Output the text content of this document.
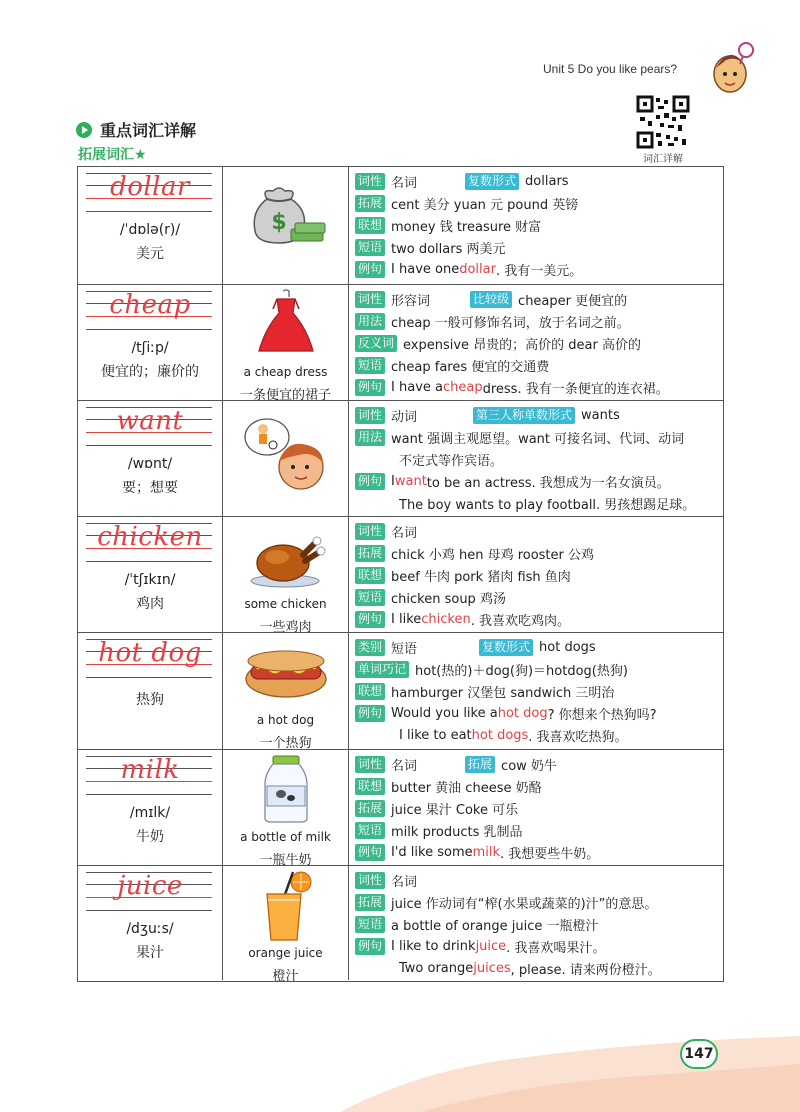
Unit 5 Do you like pears?
词汇详解
重点词汇详解
拓展词汇★
dollar
/ˈdɒlə(r)/
美元
$
词性 名词	复数形式 dollars
拓展 cent 美分 yuan 元 pound 英镑
联想 money 钱 treasure 财富
短语 two dollars 两美元
例句 I have one dollar . 我有一美元。
cheap
/tʃiːp/
便宜的；廉价的	a cheap dress
一条便宜的裙子
词性 形容词	比较级 cheaper 更便宜的
用法 cheap 一般可修饰名词，放于名词之前。
反义词 expensive 昂贵的；高价的 dear 高价的
短语 cheap fares 便宜的交通费
例句 I have a cheap dress. 我有一条便宜的连衣裙。
want
/wɒnt/
要；想要
词性 动词	第三人称单数形式 wants
用法 want 强调主观愿望。want 可接名词、代词、动词
不定式等作宾语。
例句 I want to be an actress. 我想成为一名女演员。
The boy wants to play football. 男孩想踢足球。
chicken
/ˈtʃɪkɪn/
鸡肉	some chicken
一些鸡肉
词性 名词
拓展 chick 小鸡 hen 母鸡 rooster 公鸡
联想 beef 牛肉 pork 猪肉 fish 鱼肉
短语 chicken soup 鸡汤
例句 I like chicken . 我喜欢吃鸡肉。
hot dog
热狗
a hot dog
一个热狗
类别 短语	复数形式 hot dogs
单词巧记 hot(热的)＋dog(狗)＝hotdog(热狗)
联想 hamburger 汉堡包 sandwich 三明治
例句 Would you like a hot dog ? 你想来个热狗吗?
I like to eat hot dogs . 我喜欢吃热狗。
milk
/mɪlk/
牛奶	a bottle of milk
一瓶牛奶
词性 名词	拓展 cow 奶牛
联想 butter 黄油 cheese 奶酪
拓展 juice 果汁 Coke 可乐
短语 milk products 乳制品
例句 I'd like some milk . 我想要些牛奶。
juice
/dʒuːs/
果汁	orange juice
橙汁
词性 名词
拓展 juice 作动词有“榨(水果或蔬菜的)汁”的意思。
短语 a bottle of orange juice 一瓶橙汁
例句 I like to drink juice . 我喜欢喝果汁。
Two orange juices , please. 请来两份橙汁。
147
